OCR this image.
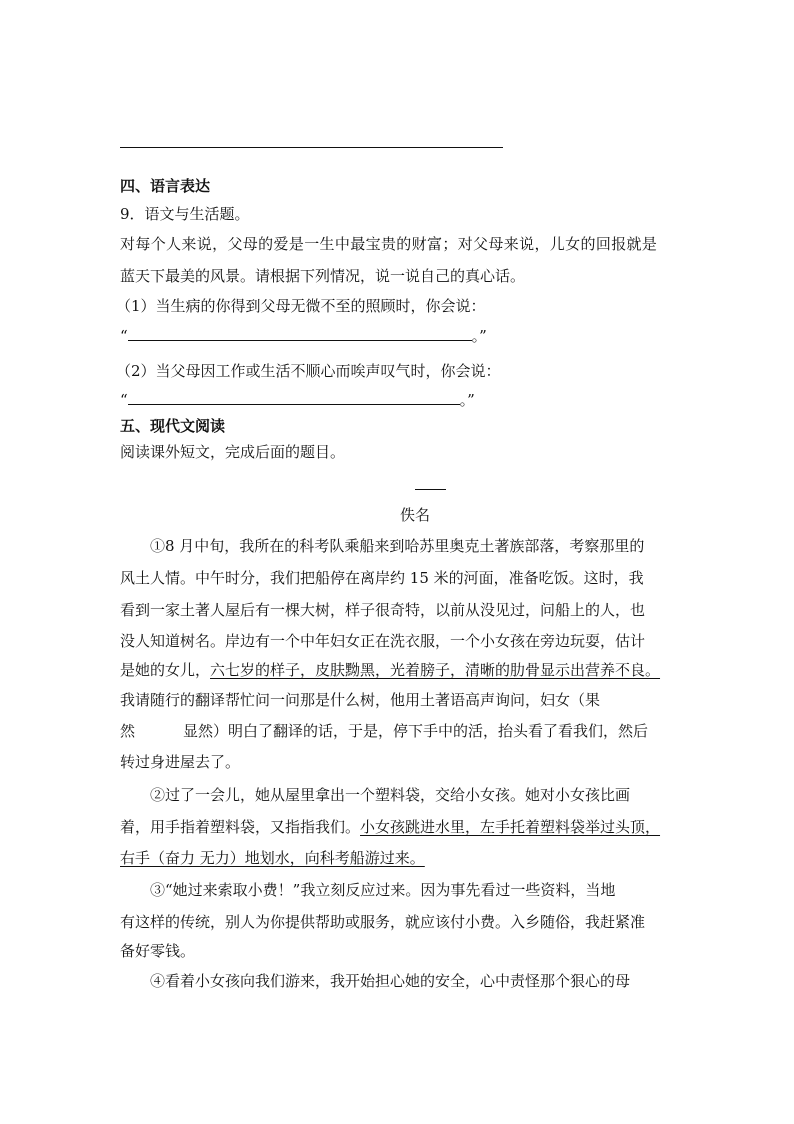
四、语言表达
9．语文与生活题。
对每个人来说，父母的爱是一生中最宝贵的财富；对父母来说，儿女的回报就是
蓝天下最美的风景。请根据下列情况，说一说自己的真心话。
（1）当生病的你得到父母无微不至的照顾时，你会说：
“	。”
（2）当父母因工作或生活不顺心而唉声叹气时，你会说：
“	。”
五、现代文阅读
阅读课外短文，完成后面的题目。
佚名
①8 月中旬，我所在的科考队乘船来到哈苏里奥克土著族部落，考察那里的
风土人情。中午时分，我们把船停在离岸约 15 米的河面，准备吃饭。这时，我
看到一家土著人屋后有一棵大树，样子很奇特，以前从没见过，问船上的人，也
没人知道树名。岸边有一个中年妇女正在洗衣服，一个小女孩在旁边玩耍，估计
是她的女儿，六七岁的样子，皮肤黝黑，光着膀子，清晰的肋骨显示出营养不良。
我请随行的翻译帮忙问一问那是什么树，他用土著语高声询问，妇女（果
然	显然）明白了翻译的话，于是，停下手中的活，抬头看了看我们，然后
转过身进屋去了。
②过了一会儿，她从屋里拿出一个塑料袋，交给小女孩。她对小女孩比画
着，用手指着塑料袋，又指指我们。小女孩跳进水里，左手托着塑料袋举过头顶，
右手（奋力 无力）地划水，向科考船游过来。
③“她过来索取小费！”我立刻反应过来。因为事先看过一些资料，当地
有这样的传统，别人为你提供帮助或服务，就应该付小费。入乡随俗，我赶紧准
备好零钱。
④看着小女孩向我们游来，我开始担心她的安全，心中责怪那个狠心的母
